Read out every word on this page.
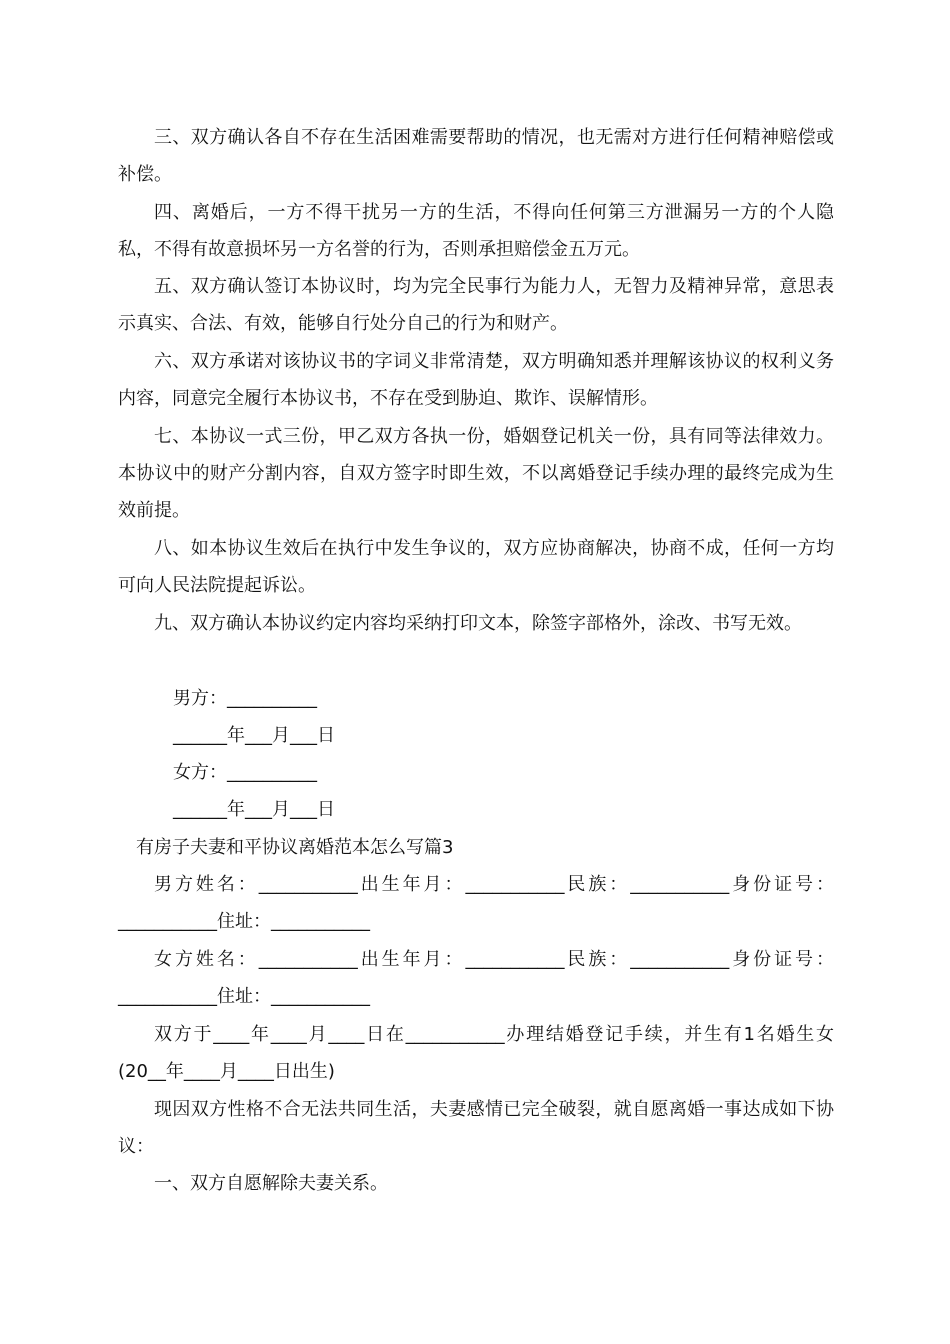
三、双方确认各自不存在生活困难需要帮助的情况，也无需对方进行任何精神赔偿或补偿。

四、离婚后，一方不得干扰另一方的生活，不得向任何第三方泄漏另一方的个人隐私，不得有故意损坏另一方名誉的行为，否则承担赔偿金五万元。

五、双方确认签订本协议时，均为完全民事行为能力人，无智力及精神异常，意思表示真实、合法、有效，能够自行处分自己的行为和财产。

六、双方承诺对该协议书的字词义非常清楚，双方明确知悉并理解该协议的权利义务内容，同意完全履行本协议书，不存在受到胁迫、欺诈、误解情形。

七、本协议一式三份，甲乙双方各执一份，婚姻登记机关一份，具有同等法律效力。本协议中的财产分割内容，自双方签字时即生效，不以离婚登记手续办理的最终完成为生效前提。

八、如本协议生效后在执行中发生争议的，双方应协商解决，协商不成，任何一方均可向人民法院提起诉讼。

九、双方确认本协议约定内容均采纳打印文本，除签字部格外，涂改、书写无效。

男方：__________

______年___月___日

女方：__________

______年___月___日

有房子夫妻和平协议离婚范本怎么写篇3

男方姓名：___________出生年月：___________民族：___________身份证号：___________住址：___________

女方姓名：___________出生年月：___________民族：___________身份证号：___________住址：___________

双方于____年____月____日在___________办理结婚登记手续，并生有1名婚生女(20__年____月____日出生)

现因双方性格不合无法共同生活，夫妻感情已完全破裂，就自愿离婚一事达成如下协议：

一、双方自愿解除夫妻关系。
